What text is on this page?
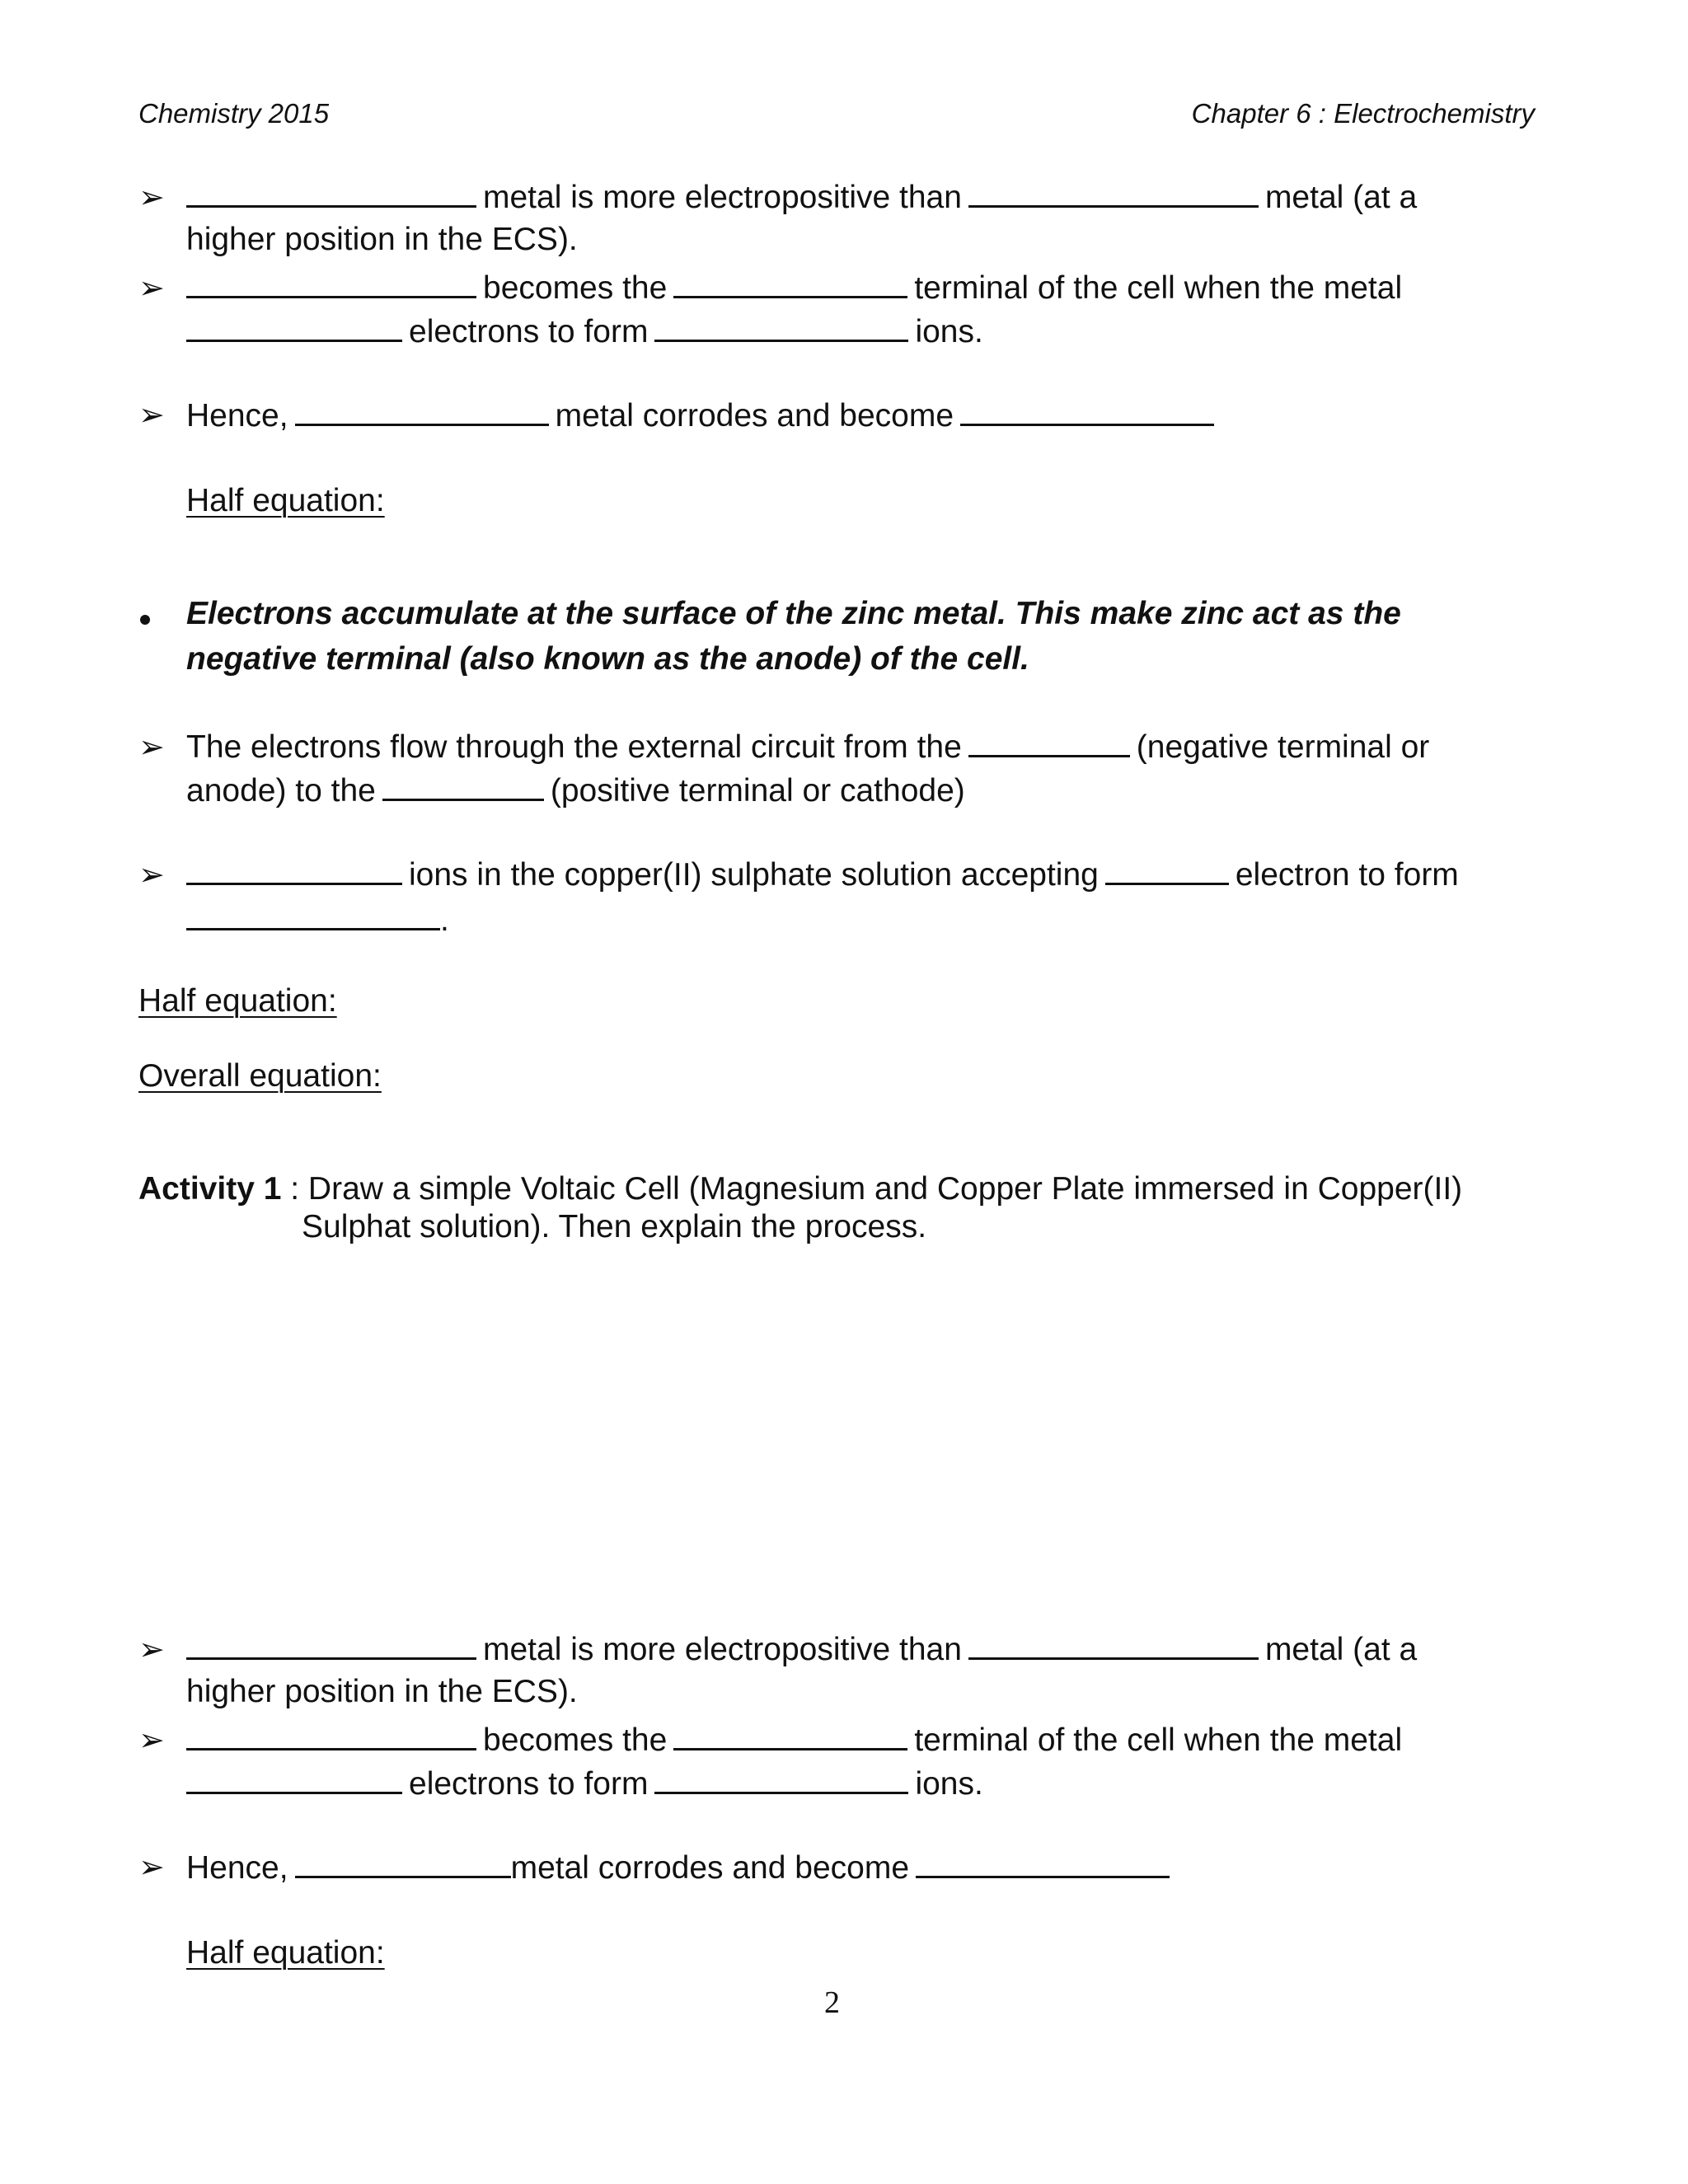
Chemistry 2015	Chapter 6 : Electrochemistry
➢	metal is more electropositive than	metal (at a
higher position in the ECS).
➢	becomes the	terminal of the cell when the metal
electrons to form	ions.
➢ Hence,	metal corrodes and become
Half equation:
Electrons accumulate at the surface of the zinc metal. This make zinc act as the
negative terminal (also known as the anode) of the cell.
➢ The electrons flow through the external circuit from the	(negative terminal or
anode) to the	(positive terminal or cathode)
➢	ions in the copper(II) sulphate solution accepting	electron to form
.
Half equation:
Overall equation:
Activity 1 : Draw a simple Voltaic Cell (Magnesium and Copper Plate immersed in Copper(II)
Sulphat solution). Then explain the process.
➢	metal is more electropositive than	metal (at a
higher position in the ECS).
➢	becomes the	terminal of the cell when the metal
electrons to form	ions.
➢ Hence,	metal corrodes and become
Half equation:
2
